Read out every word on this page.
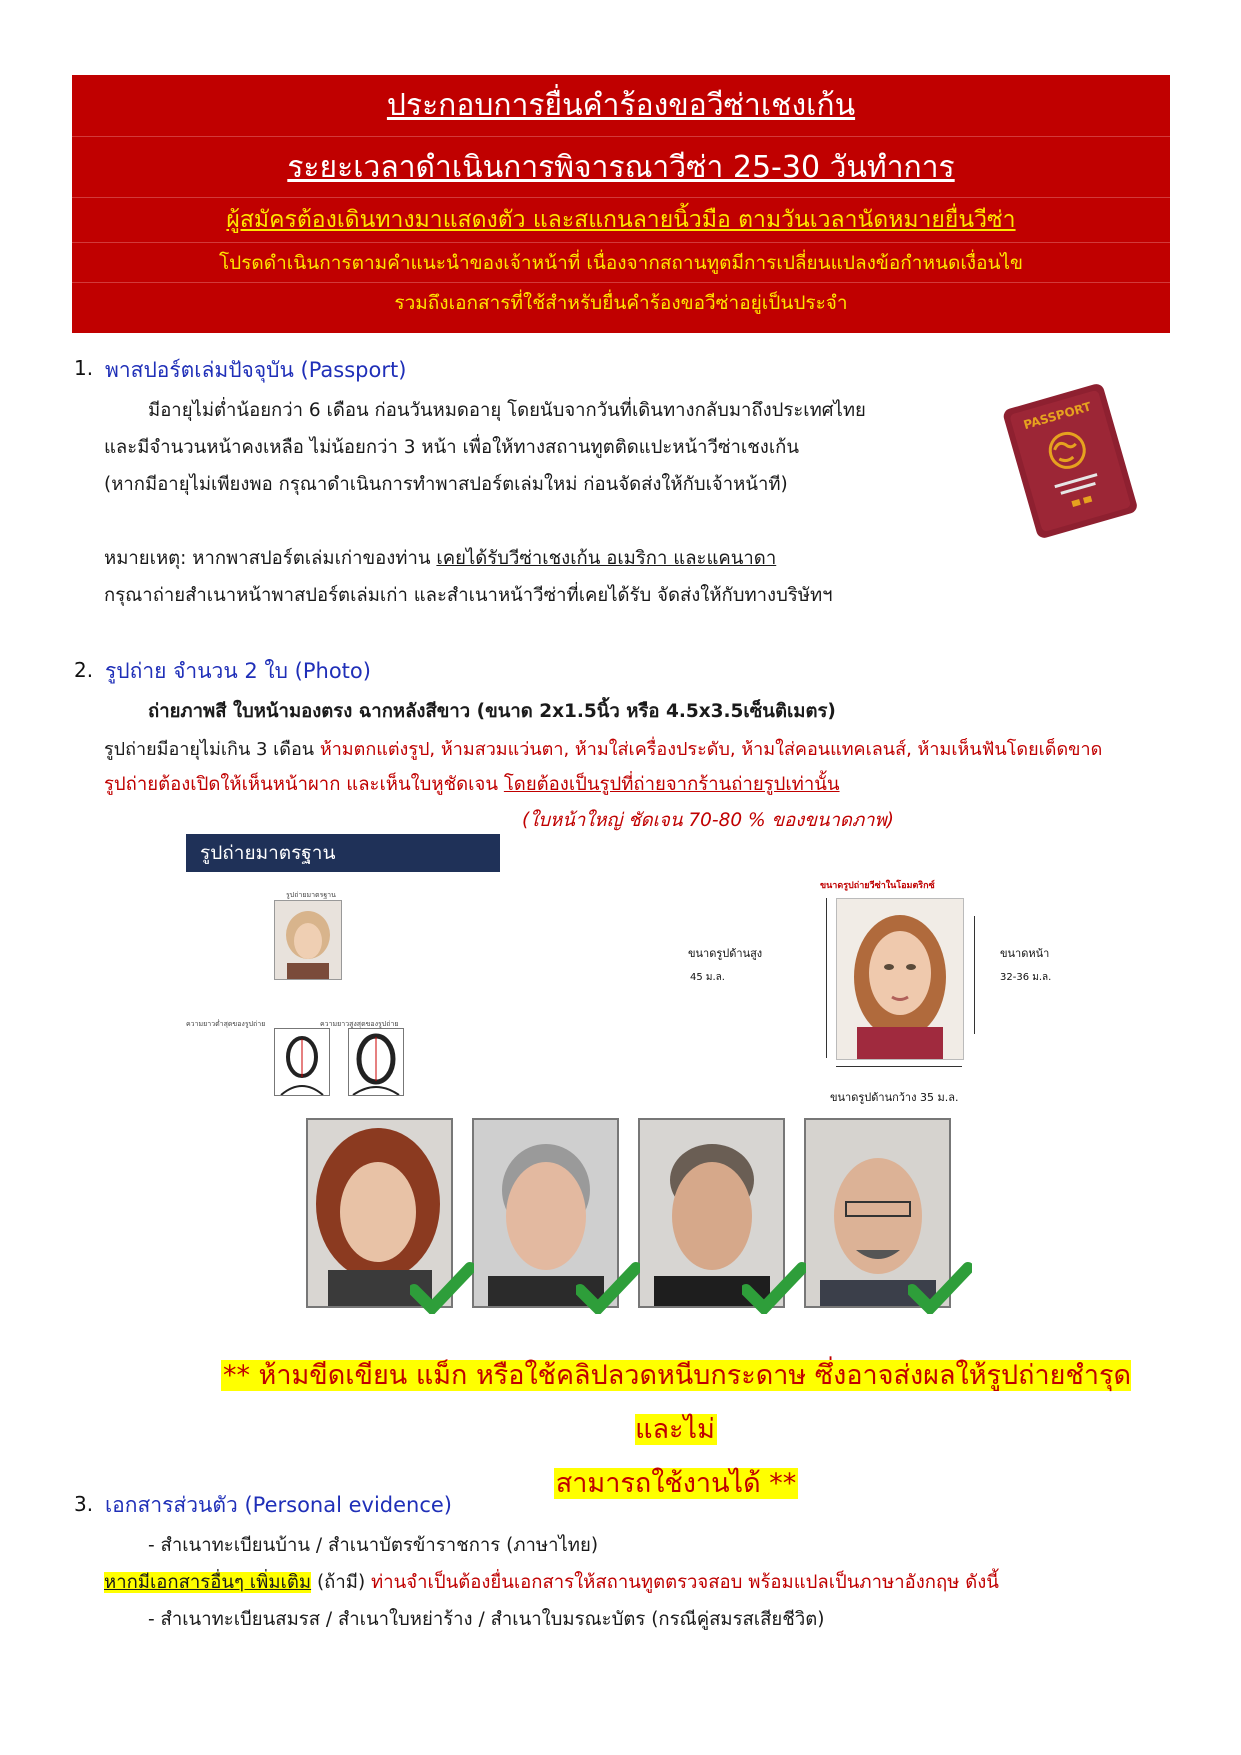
ประกอบการยื่นคำร้องขอวีซ่าเชงเก้น
ระยะเวลาดำเนินการพิจารณาวีซ่า 25-30 วันทำการ
ผู้สมัครต้องเดินทางมาแสดงตัว และสแกนลายนิ้วมือ ตามวันเวลานัดหมายยื่นวีซ่า
โปรดดำเนินการตามคำแนะนำของเจ้าหน้าที่ เนื่องจากสถานทูตมีการเปลี่ยนแปลงข้อกำหนดเงื่อนไข
รวมถึงเอกสารที่ใช้สำหรับยื่นคำร้องขอวีซ่าอยู่เป็นประจำ
1. พาสปอร์ตเล่มปัจจุบัน (Passport)
มีอายุไม่ต่ำน้อยกว่า 6 เดือน ก่อนวันหมดอายุ โดยนับจากวันที่เดินทางกลับมาถึงประเทศไทย
และมีจำนวนหน้าคงเหลือ ไม่น้อยกว่า 3 หน้า เพื่อให้ทางสถานทูตติดแปะหน้าวีซ่าเชงเก้น
(หากมีอายุไม่เพียงพอ กรุณาดำเนินการทำพาสปอร์ตเล่มใหม่ ก่อนจัดส่งให้กับเจ้าหน้าที)
หมายเหตุ: หากพาสปอร์ตเล่มเก่าของท่าน เคยได้รับวีซ่าเชงเก้น อเมริกา และแคนาดา
กรุณาถ่ายสำเนาหน้าพาสปอร์ตเล่มเก่า และสำเนาหน้าวีซ่าที่เคยได้รับ จัดส่งให้กับทางบริษัทฯ
PASSPORT
2. รูปถ่าย จำนวน 2 ใบ (Photo)
ถ่ายภาพสี ใบหน้ามองตรง ฉากหลังสีขาว (ขนาด 2x1.5นิ้ว หรือ 4.5x3.5เซ็นติเมตร)
รูปถ่ายมีอายุไม่เกิน 3 เดือน ห้ามตกแต่งรูป, ห้ามสวมแว่นตา, ห้ามใส่เครื่องประดับ, ห้ามใส่คอนแทคเลนส์, ห้ามเห็นฟันโดยเด็ดขาด
รูปถ่ายต้องเปิดให้เห็นหน้าผาก และเห็นใบหูชัดเจน โดยต้องเป็นรูปที่ถ่ายจากร้านถ่ายรูปเท่านั้น
(ใบหน้าใหญ่ ชัดเจน 70-80 % ของขนาดภาพ)
รูปถ่ายมาตรฐาน
รูปถ่ายมาตรฐาน
ความยาวต่ำสุดของรูปถ่าย	ความยาวสูงสุดของรูปถ่าย
ขนาดรูปถ่ายวีซ่าในโอมตริกซ์
ขนาดรูปด้านสูง
45 ม.ล.
ขนาดหน้า
32-36 ม.ล.
ขนาดรูปด้านกว้าง 35 ม.ล.
** ห้ามขีดเขียน แม็ก หรือใช้คลิปลวดหนีบกระดาษ ซึ่งอาจส่งผลให้รูปถ่ายชำรุด และไม่
สามารถใช้งานได้ **
3. เอกสารส่วนตัว (Personal evidence)
- สำเนาทะเบียนบ้าน / สำเนาบัตรข้าราชการ (ภาษาไทย)
หากมีเอกสารอื่นๆ เพิ่มเติม (ถ้ามี) ท่านจำเป็นต้องยื่นเอกสารให้สถานทูตตรวจสอบ พร้อมแปลเป็นภาษาอังกฤษ ดังนี้
- สำเนาทะเบียนสมรส / สำเนาใบหย่าร้าง / สำเนาใบมรณะบัตร (กรณีคู่สมรสเสียชีวิต)
